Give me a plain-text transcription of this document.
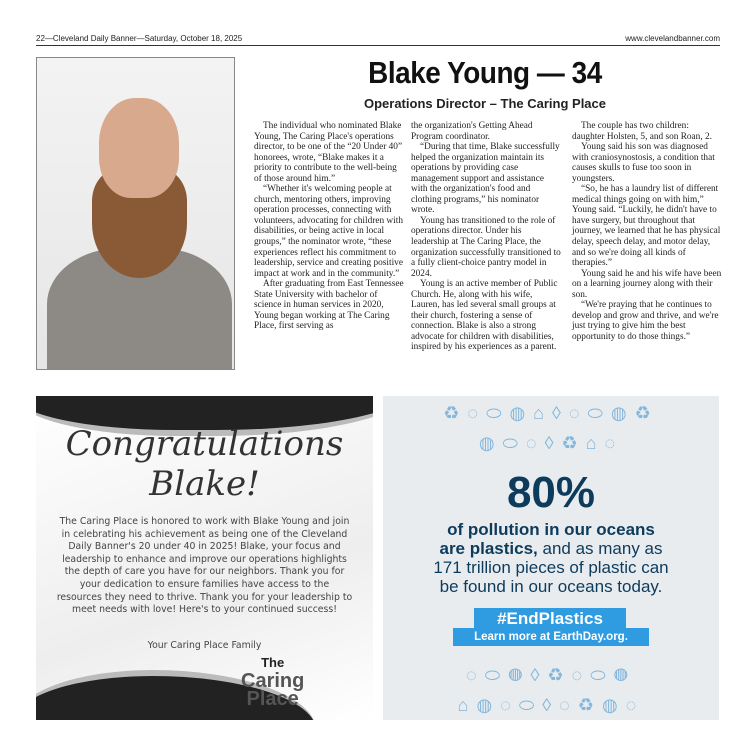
22—Cleveland Daily Banner—Saturday, October 18, 2025	www.clevelandbanner.com
Blake Young — 34
Operations Director – The Caring Place

The individual who nominated Blake Young, The Caring Place's operations director, to be one of the “20 Under 40” honorees, wrote, “Blake makes it a priority to contribute to the well-being of those around him.”

“Whether it's welcoming people at church, mentoring others, improving operation processes, connecting with volunteers, advocating for children with disabilities, or being active in local groups,” the nominator wrote, “these experiences reflect his commitment to leadership, service and creating positive impact at work and in the community.”

After graduating from East Tennessee State University with bachelor of science in human services in 2020, Young began working at The Caring Place, first serving as

the organization's Getting Ahead Program coordinator.

“During that time, Blake successfully helped the organization maintain its operations by providing case management support and assistance with the organization's food and clothing programs,” his nominator wrote.

Young has transitioned to the role of operations director. Under his leadership at The Caring Place, the organization successfully transitioned to a fully client-choice pantry model in 2024.

Young is an active member of Public Church. He, along with his wife, Lauren, has led several small groups at their church, fostering a sense of connection. Blake is also a strong advocate for children with disabilities, inspired by his experiences as a parent.

The couple has two children: daughter Holsten, 5, and son Roan, 2.

Young said his son was diagnosed with craniosynostosis, a condition that causes skulls to fuse too soon in youngsters.

“So, he has a laundry list of different medical things going on with him,” Young said. “Luckily, he didn't have to have surgery, but throughout that journey, we learned that he has physical delay, speech delay, and motor delay, and so we're doing all kinds of therapies.”

Young said he and his wife have been on a learning journey along with their son.

“We're praying that he continues to develop and grow and thrive, and we're just trying to give him the best opportunity to do those things.”

Congratulations
Blake!
The Caring Place is honored to work with Blake Young and join in celebrating his achievement as being one of the Cleveland Daily Banner's 20 under 40 in 2025! Blake, your focus and leadership to enhance and improve our operations highlights the depth of care you have for our neighbors. Thank you for your dedication to ensure families have access to the resources they need to thrive. Thank you for your leadership to meet needs with love! Here's to your continued success!
Your Caring Place Family
The
Caring
Place
♻◌⬭◍⌂◊◌⬭◍♻
◍⬭◌◊♻⌂◌
◌⬭◍◊♻◌⬭◍
⌂◍◌⬭◊◌♻◍◌
80%
of pollution in our oceans
are plastics, and as many as
171 trillion pieces of plastic can
be found in our oceans today.
#EndPlastics
Learn more at EarthDay.org.
